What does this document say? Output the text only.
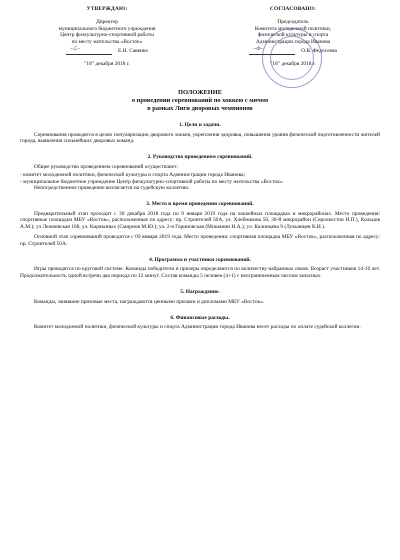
УТВЕРЖДАЮ:
Директор
муниципального бюджетного учреждения
Центр физкультурно-спортивной работы
по месту жительства «Восток»
~ℒ~	Е.Н. Савенко
"18" декабря 2018 г.
СОГЛАСОВАНО:
Председатель
Комитета молодежной политики,
физической культуры и спорта
Администрации города Иванова
~Ф~	О.В. Федосеева
"18" декабря 2018 г.
ПОЛОЖЕНИЕ
о проведении соревнований по хоккею с мячом
в рамках Лиги дворовых чемпионов
1. Цели и задачи.

Соревнования проводятся в целях популяризации дворового хоккея, укрепления здоровья, повышения уровня физической подготовленности жителей города, выявления сильнейших дворовых команд.

2. Руководство проведением соревнований.

Общее руководство проведением соревнований осуществляет:

- комитет молодежной политики, физической культуры и спорта Администрации города Иванова;

- муниципальное бюджетное учреждение Центр физкультурно-спортивной работы по месту жительства «Восток».

Непосредственное проведение возлагается на судейскую коллегию.

3. Место и время проведения соревнований.

Предварительный этап проходит с 30 декабря 2018 года по 9 января 2019 года на хоккейных площадках в микрорайонах. Место проведения: спортивные площадки МБУ «Восток», расположенные по адресу: пр. Строителей 50А, ул. Хлебникова 50, 30-й микрорайон (Серохвостов Н.П.), Кольцов А.М.); ул Лежневская 168, ул. Кирякиных (Смирнов М.Ю.); ул. 2-я Гориновская (Мишанин Н.А.); ул. Калинцева 9 (Лукьянцев К.И.).

Основной этап соревнований проводится с 09 января 2019 года. Место проведения: спортивная площадка МБУ «Восток», расположенная по адресу: пр. Строителей 50А.

4. Программа и участники соревнований.

Игры проводятся по круговой системе. Команды победители и призеры определяются по количеству набранных очков. Возраст участников 14-16 лет. Продолжительность одной встречи два периода по 12 минут. Состав команды 5 человек (4+1) с неограниченным числом запасных.

5. Награждение.

Команды, занявшие призовые места, награждаются ценными призами и дипломами МБУ «Восток».

6. Финансовые расходы.

Комитет молодежной политики, физической культуры и спорта Администрации города Иванова несет расходы по оплате судейской коллегии.
